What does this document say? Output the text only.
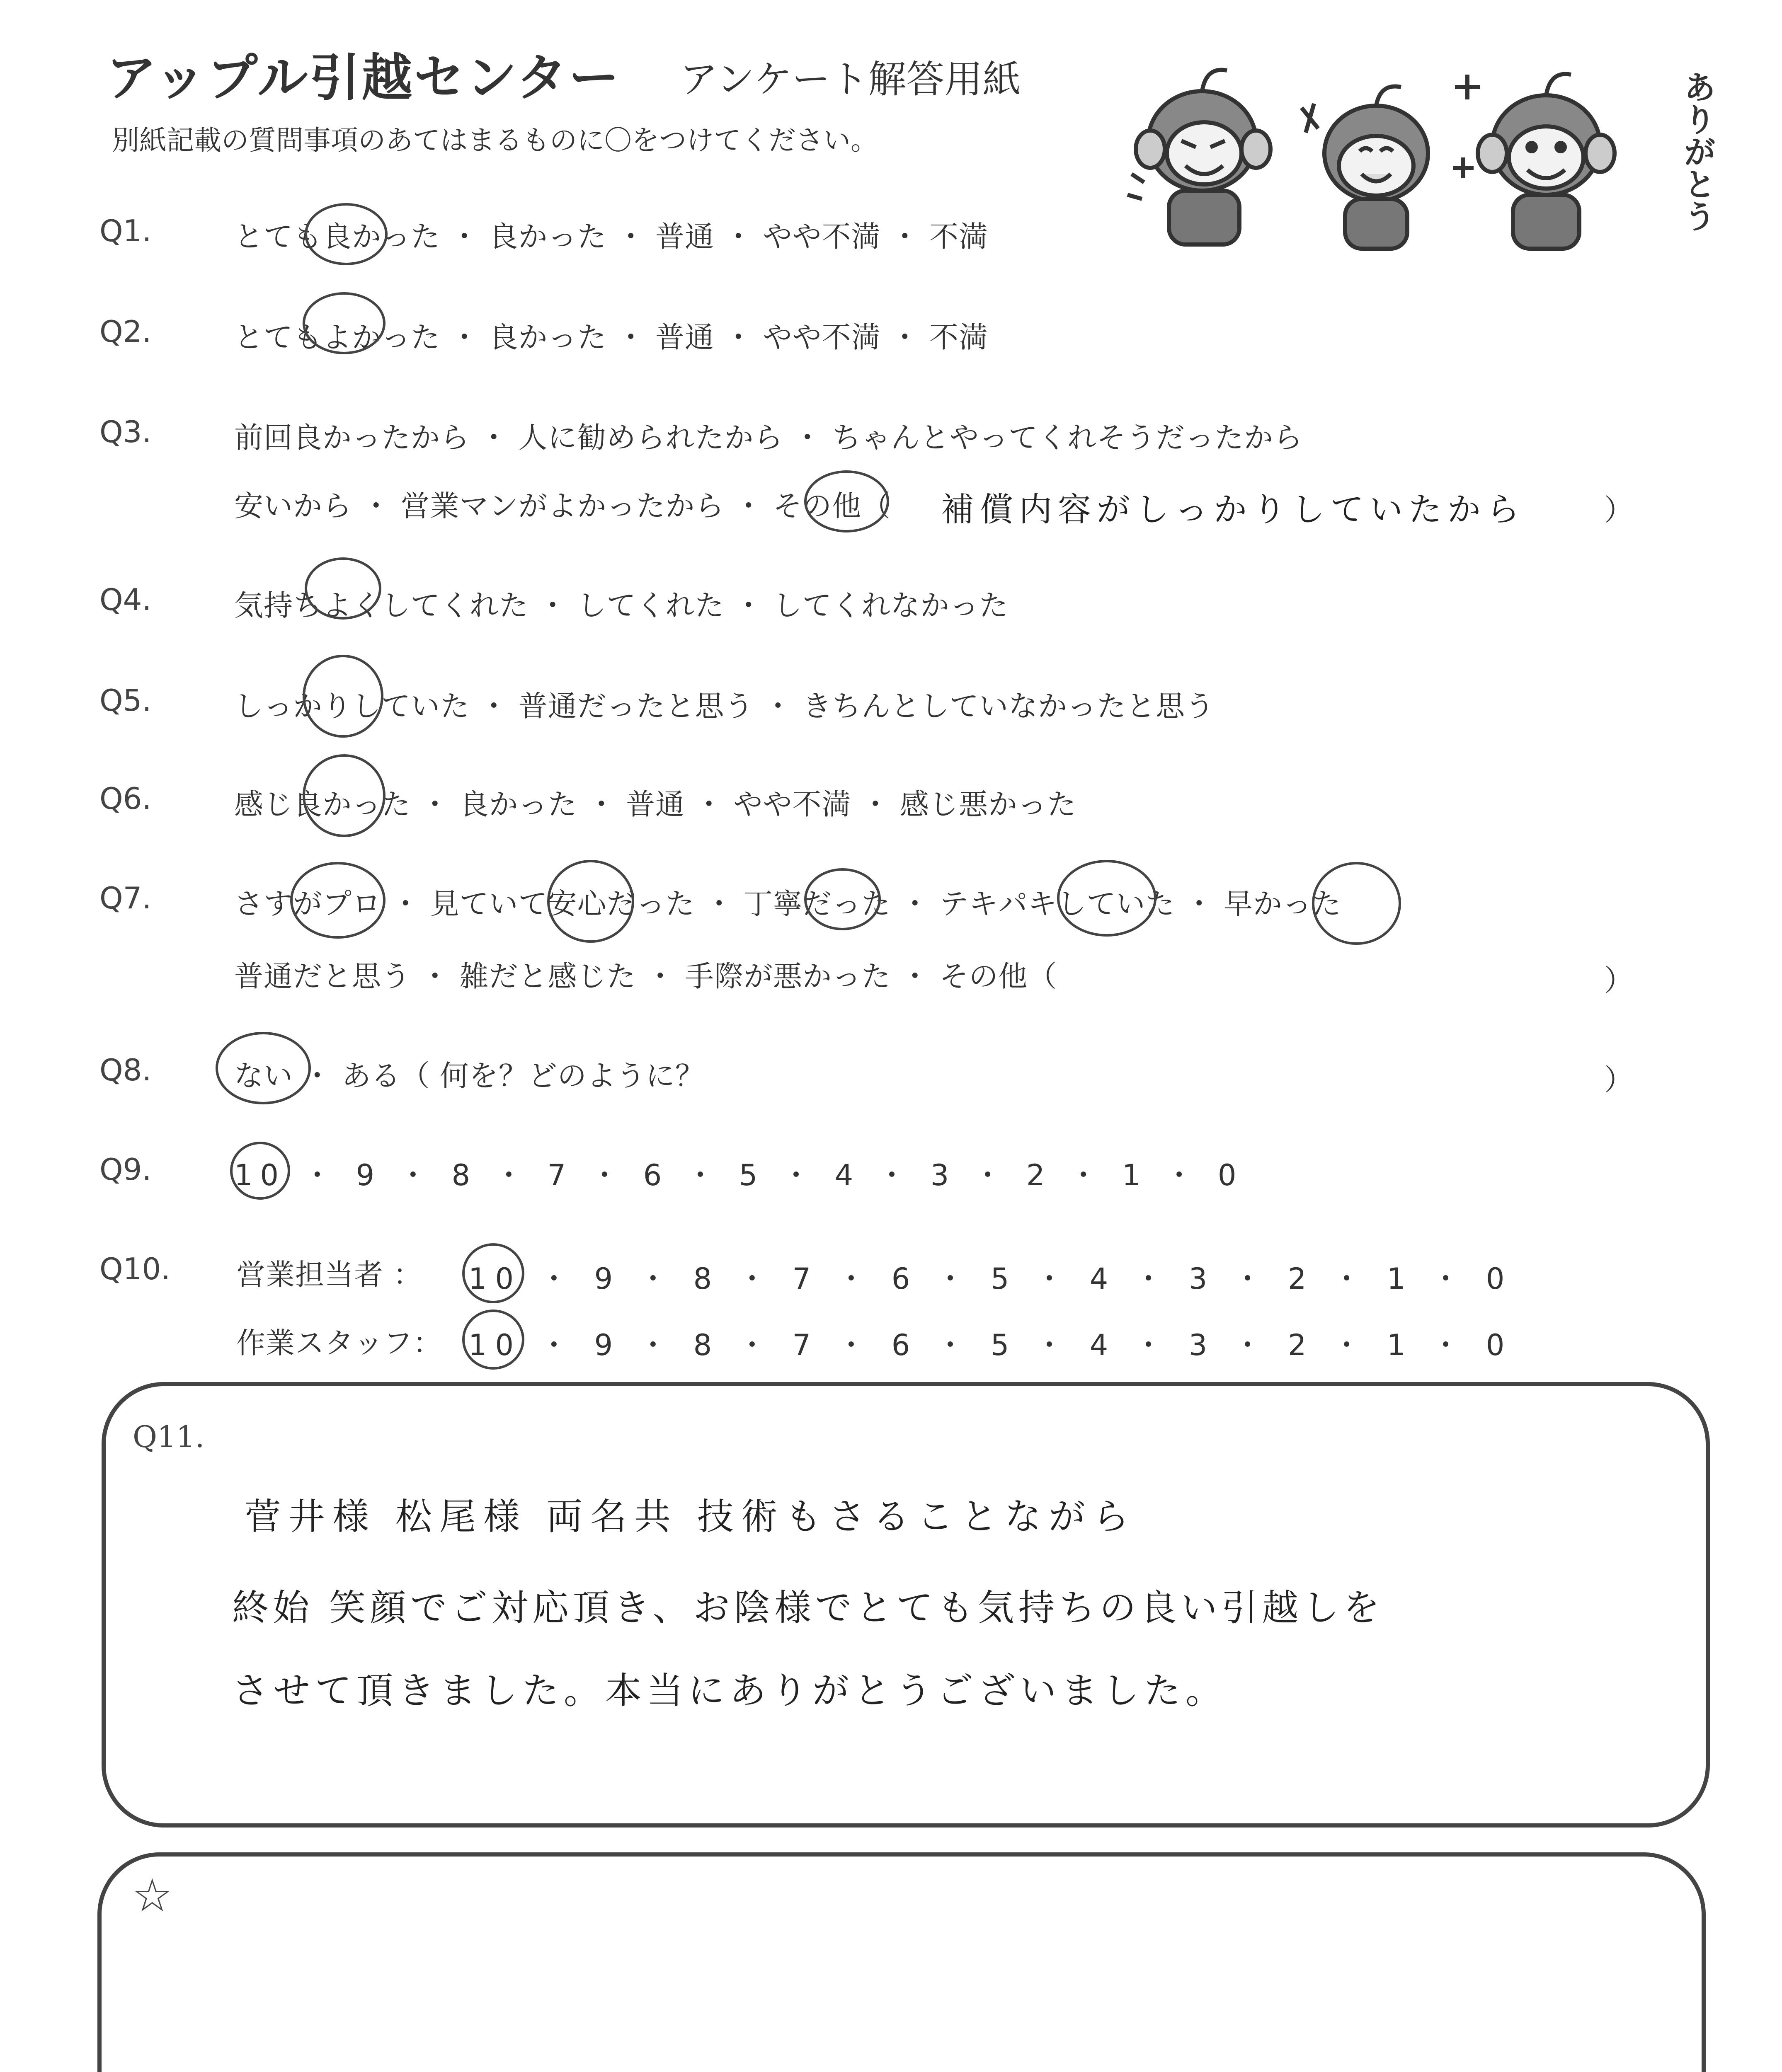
アップル引越センター アンケート解答用紙
別紙記載の質問事項のあてはまるものに〇をつけてください。	ありがとう
Q1.	とても良かった ・ 良かった ・ 普通 ・ やや不満 ・ 不満
Q2.	とてもよかった ・ 良かった ・ 普通 ・ やや不満 ・ 不満
Q3.	前回良かったから ・ 人に勧められたから ・ ちゃんとやってくれそうだったから
安いから ・ 営業マンがよかったから ・ その他（ 補償内容がしっかりしていたから	）
Q4.	気持ちよくしてくれた ・ してくれた ・ してくれなかった
Q5.	しっかりしていた ・ 普通だったと思う ・ きちんとしていなかったと思う
Q6.	感じ良かった ・ 良かった ・ 普通 ・ やや不満 ・ 感じ悪かった
Q7.	さすがプロ ・ 見ていて安心だった ・ 丁寧だった ・ テキパキしていた ・ 早かった
普通だと思う ・ 雑だと感じた ・ 手際が悪かった ・ その他（	）
Q8.	ない ・ ある（ 何を？どのように？	）
Q9.	10 ・ 9 ・ 8 ・ 7 ・ 6 ・ 5 ・ 4 ・ 3 ・ 2 ・ 1 ・ 0
Q10. 営業担当者 ： 10 ・ 9 ・ 8 ・ 7 ・ 6 ・ 5 ・ 4 ・ 3 ・ 2 ・ 1 ・ 0
作業スタッフ： 10 ・ 9 ・ 8 ・ 7 ・ 6 ・ 5 ・ 4 ・ 3 ・ 2 ・ 1 ・ 0
Q11.
菅井様 松尾様 両名共 技術もさることながら
終始 笑顔でご対応頂き、お陰様でとても気持ちの良い引越しを
させて頂きました。本当にありがとうございました。
☆
